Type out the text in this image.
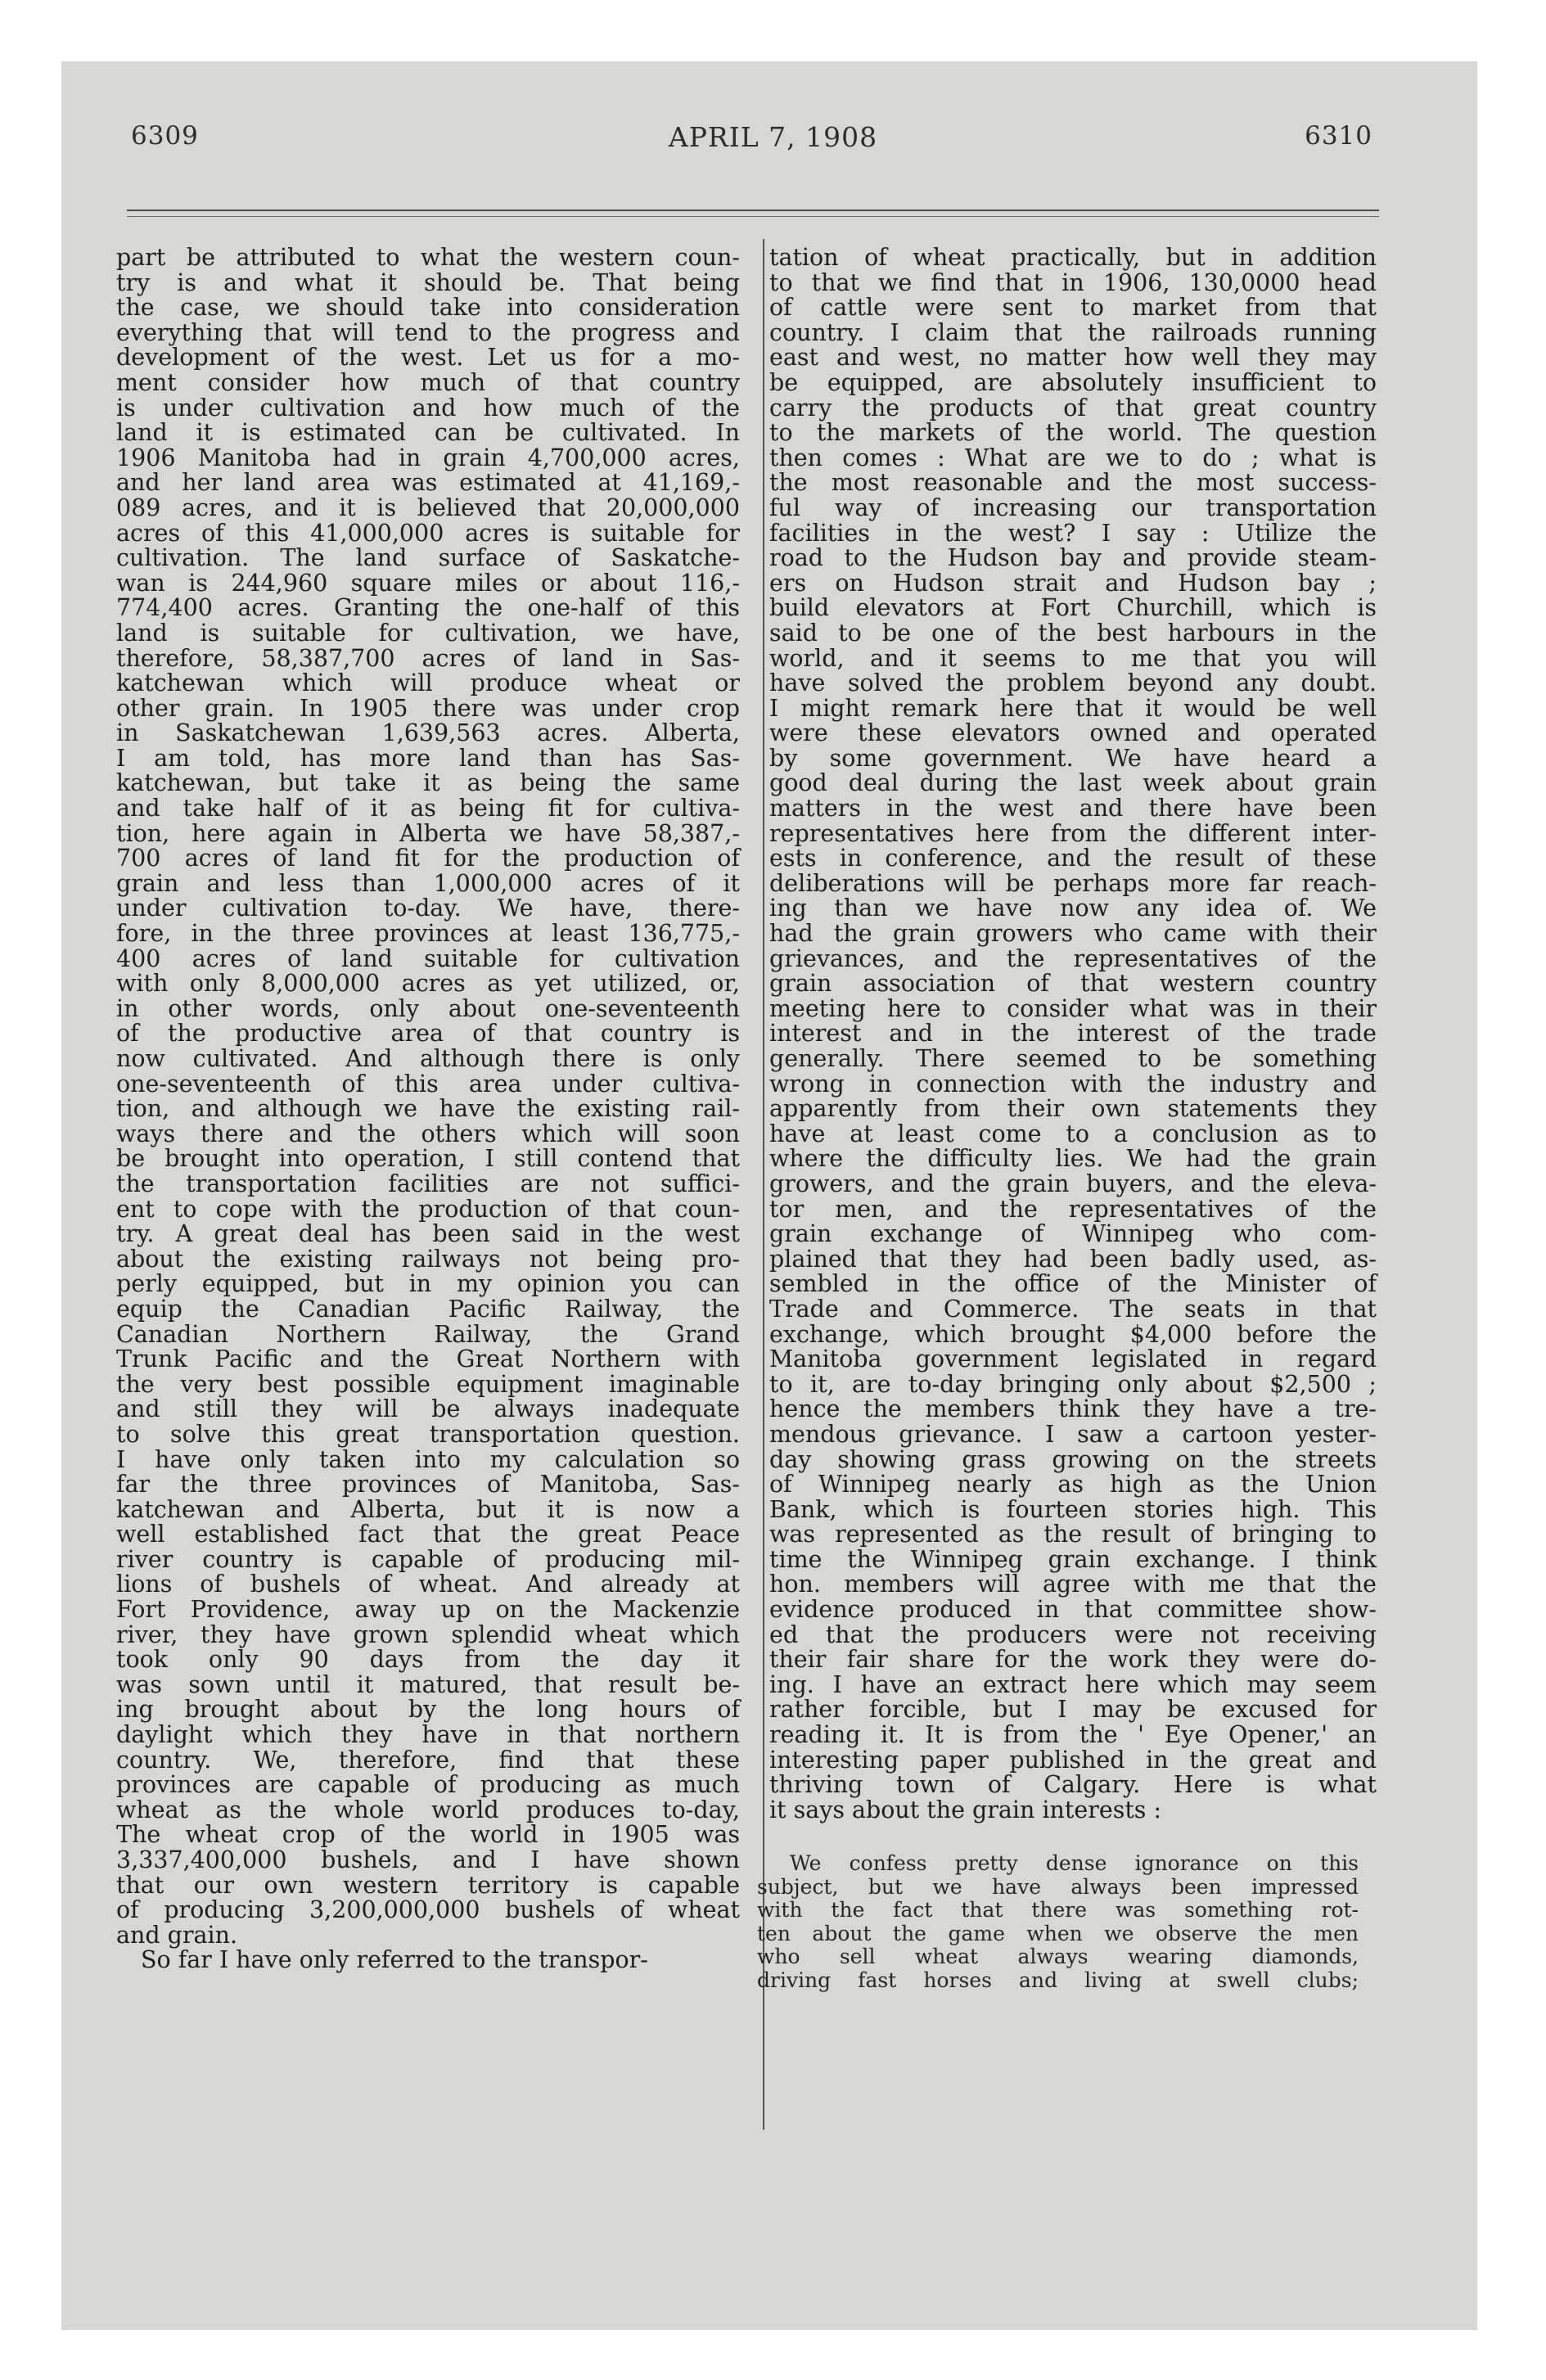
6309	APRIL 7, 1908	6310
part be attributed to what the western coun-
try is and what it should be. That being
the case, we should take into consideration
everything that will tend to the progress and
development of the west. Let us for a mo-
ment consider how much of that country
is under cultivation and how much of the
land it is estimated can be cultivated. In
1906 Manitoba had in grain 4,700,000 acres,
and her land area was estimated at 41,169,-
089 acres, and it is believed that 20,000,000
acres of this 41,000,000 acres is suitable for
cultivation. The land surface of Saskatche-
wan is 244,960 square miles or about 116,-
774,400 acres. Granting the one-half of this
land is suitable for cultivation, we have,
therefore, 58,387,700 acres of land in Sas-
katchewan which will produce wheat or
other grain. In 1905 there was under crop
in Saskatchewan 1,639,563 acres. Alberta,
I am told, has more land than has Sas-
katchewan, but take it as being the same
and take half of it as being fit for cultiva-
tion, here again in Alberta we have 58,387,-
700 acres of land fit for the production of
grain and less than 1,000,000 acres of it
under cultivation to-day. We have, there-
fore, in the three provinces at least 136,775,-
400 acres of land suitable for cultivation
with only 8,000,000 acres as yet utilized, or,
in other words, only about one-seventeenth
of the productive area of that country is
now cultivated. And although there is only
one-seventeenth of this area under cultiva-
tion, and although we have the existing rail-
ways there and the others which will soon
be brought into operation, I still contend that
the transportation facilities are not suffici-
ent to cope with the production of that coun-
try. A great deal has been said in the west
about the existing railways not being pro-
perly equipped, but in my opinion you can
equip the Canadian Pacific Railway, the
Canadian Northern Railway, the Grand
Trunk Pacific and the Great Northern with
the very best possible equipment imaginable
and still they will be always inadequate
to solve this great transportation question.
I have only taken into my calculation so
far the three provinces of Manitoba, Sas-
katchewan and Alberta, but it is now a
well established fact that the great Peace
river country is capable of producing mil-
lions of bushels of wheat. And already at
Fort Providence, away up on the Mackenzie
river, they have grown splendid wheat which
took only 90 days from the day it
was sown until it matured, that result be-
ing brought about by the long hours of
daylight which they have in that northern
country. We, therefore, find that these
provinces are capable of producing as much
wheat as the whole world produces to-day,
The wheat crop of the world in 1905 was
3,337,400,000 bushels, and I have shown
that our own western territory is capable
of producing 3,200,000,000 bushels of wheat
and grain.
So far I have only referred to the transpor-
tation of wheat practically, but in addition
to that we find that in 1906, 130,0000 head
of cattle were sent to market from that
country. I claim that the railroads running
east and west, no matter how well they may
be equipped, are absolutely insufficient to
carry the products of that great country
to the markets of the world. The question
then comes : What are we to do ; what is
the most reasonable and the most success-
ful way of increasing our transportation
facilities in the west? I say : Utilize the
road to the Hudson bay and provide steam-
ers on Hudson strait and Hudson bay ;
build elevators at Fort Churchill, which is
said to be one of the best harbours in the
world, and it seems to me that you will
have solved the problem beyond any doubt.
I might remark here that it would be well
were these elevators owned and operated
by some government. We have heard a
good deal during the last week about grain
matters in the west and there have been
representatives here from the different inter-
ests in conference, and the result of these
deliberations will be perhaps more far reach-
ing than we have now any idea of. We
had the grain growers who came with their
grievances, and the representatives of the
grain association of that western country
meeting here to consider what was in their
interest and in the interest of the trade
generally. There seemed to be something
wrong in connection with the industry and
apparently from their own statements they
have at least come to a conclusion as to
where the difficulty lies. We had the grain
growers, and the grain buyers, and the eleva-
tor men, and the representatives of the
grain exchange of Winnipeg who com-
plained that they had been badly used, as-
sembled in the office of the Minister of
Trade and Commerce. The seats in that
exchange, which brought $4,000 before the
Manitoba government legislated in regard
to it, are to-day bringing only about $2,500 ;
hence the members think they have a tre-
mendous grievance. I saw a cartoon yester-
day showing grass growing on the streets
of Winnipeg nearly as high as the Union
Bank, which is fourteen stories high. This
was represented as the result of bringing to
time the Winnipeg grain exchange. I think
hon. members will agree with me that the
evidence produced in that committee show-
ed that the producers were not receiving
their fair share for the work they were do-
ing. I have an extract here which may seem
rather forcible, but I may be excused for
reading it. It is from the ' Eye Opener,' an
interesting paper published in the great and
thriving town of Calgary. Here is what
it says about the grain interests :
We confess pretty dense ignorance on this
subject, but we have always been impressed
with the fact that there was something rot-
ten about the game when we observe the men
who sell wheat always wearing diamonds,
driving fast horses and living at swell clubs;
